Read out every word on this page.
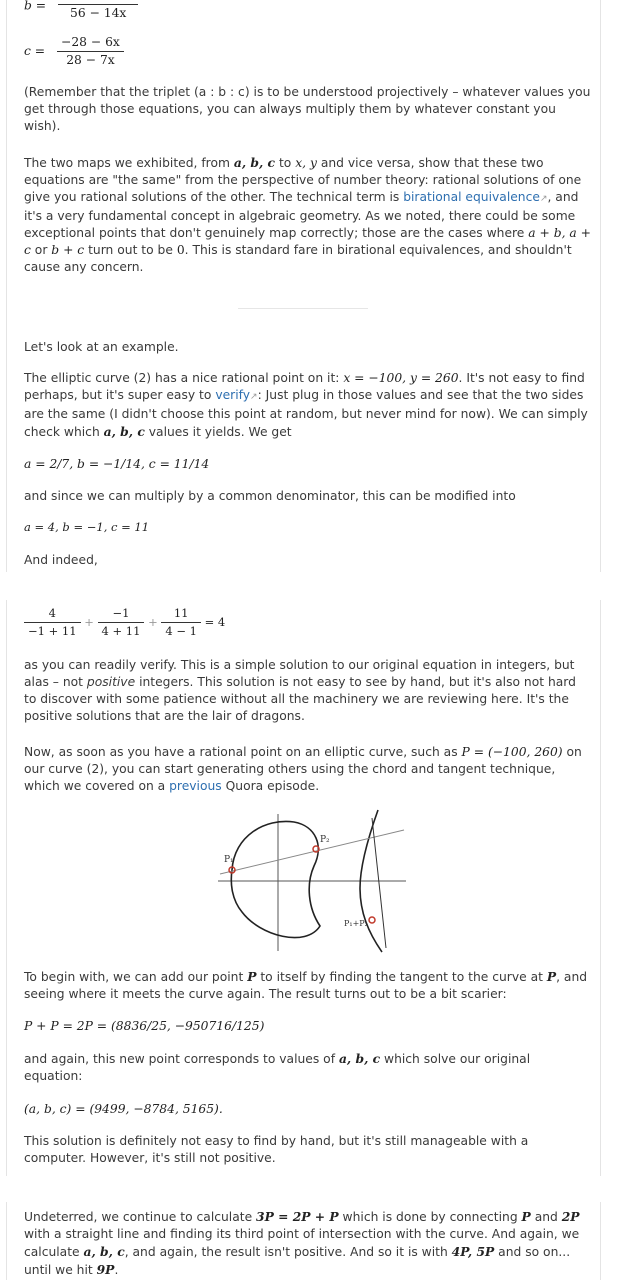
b =
56 − 14x
$c = \frac{-28 - 6x}{28 - 7x}$
(Remember that the triplet (a : b : c) is to be understood projectively – whatever values you get through those equations, you can always multiply them by whatever constant you wish).
The two maps we exhibited, from a, b, c to x, y and vice versa, show that these two equations are "the same" from the perspective of number theory: rational solutions of one give you rational solutions of the other. The technical term is birational equivalence↗, and it's a very fundamental concept in algebraic geometry. As we noted, there could be some exceptional points that don't genuinely map correctly; those are the cases where a + b, a + c or b + c turn out to be 0. This is standard fare in birational equivalences, and shouldn't cause any concern.
Let's look at an example.
The elliptic curve (2) has a nice rational point on it: x = −100, y = 260. It's not easy to find perhaps, but it's super easy to verify↗: Just plug in those values and see that the two sides are the same (I didn't choose this point at random, but never mind for now). We can simply check which a, b, c values it yields. We get
a = 2/7, b = −1/14, c = 11/14
and since we can multiply by a common denominator, this can be modified into
a = 4, b = −1, c = 11
And indeed,
$\frac{4}{-1 + 11} + \frac{-1}{4 + 11} + \frac{11}{4 - 1} = 4$
as you can readily verify. This is a simple solution to our original equation in integers, but alas – not positive integers. This solution is not easy to see by hand, but it's also not hard to discover with some patience without all the machinery we are reviewing here. It's the positive solutions that are the lair of dragons.
Now, as soon as you have a rational point on an elliptic curve, such as P = (−100, 260) on our curve (2), you can start generating others using the chord and tangent technique, which we covered on a previous Quora episode.
P₁
P₂
P₁+P₂
To begin with, we can add our point P to itself by finding the tangent to the curve at P, and seeing where it meets the curve again. The result turns out to be a bit scarier:
P + P = 2P = (8836/25, −950716/125)
and again, this new point corresponds to values of a, b, c which solve our original equation:
(a, b, c) = (9499, −8784, 5165).
This solution is definitely not easy to find by hand, but it's still manageable with a computer. However, it's still not positive.
Undeterred, we continue to calculate 3P = 2P + P which is done by connecting P and 2P with a straight line and finding its third point of intersection with the curve. And again, we calculate a, b, c, and again, the result isn't positive. And so it is with 4P, 5P and so on... until we hit 9P.
